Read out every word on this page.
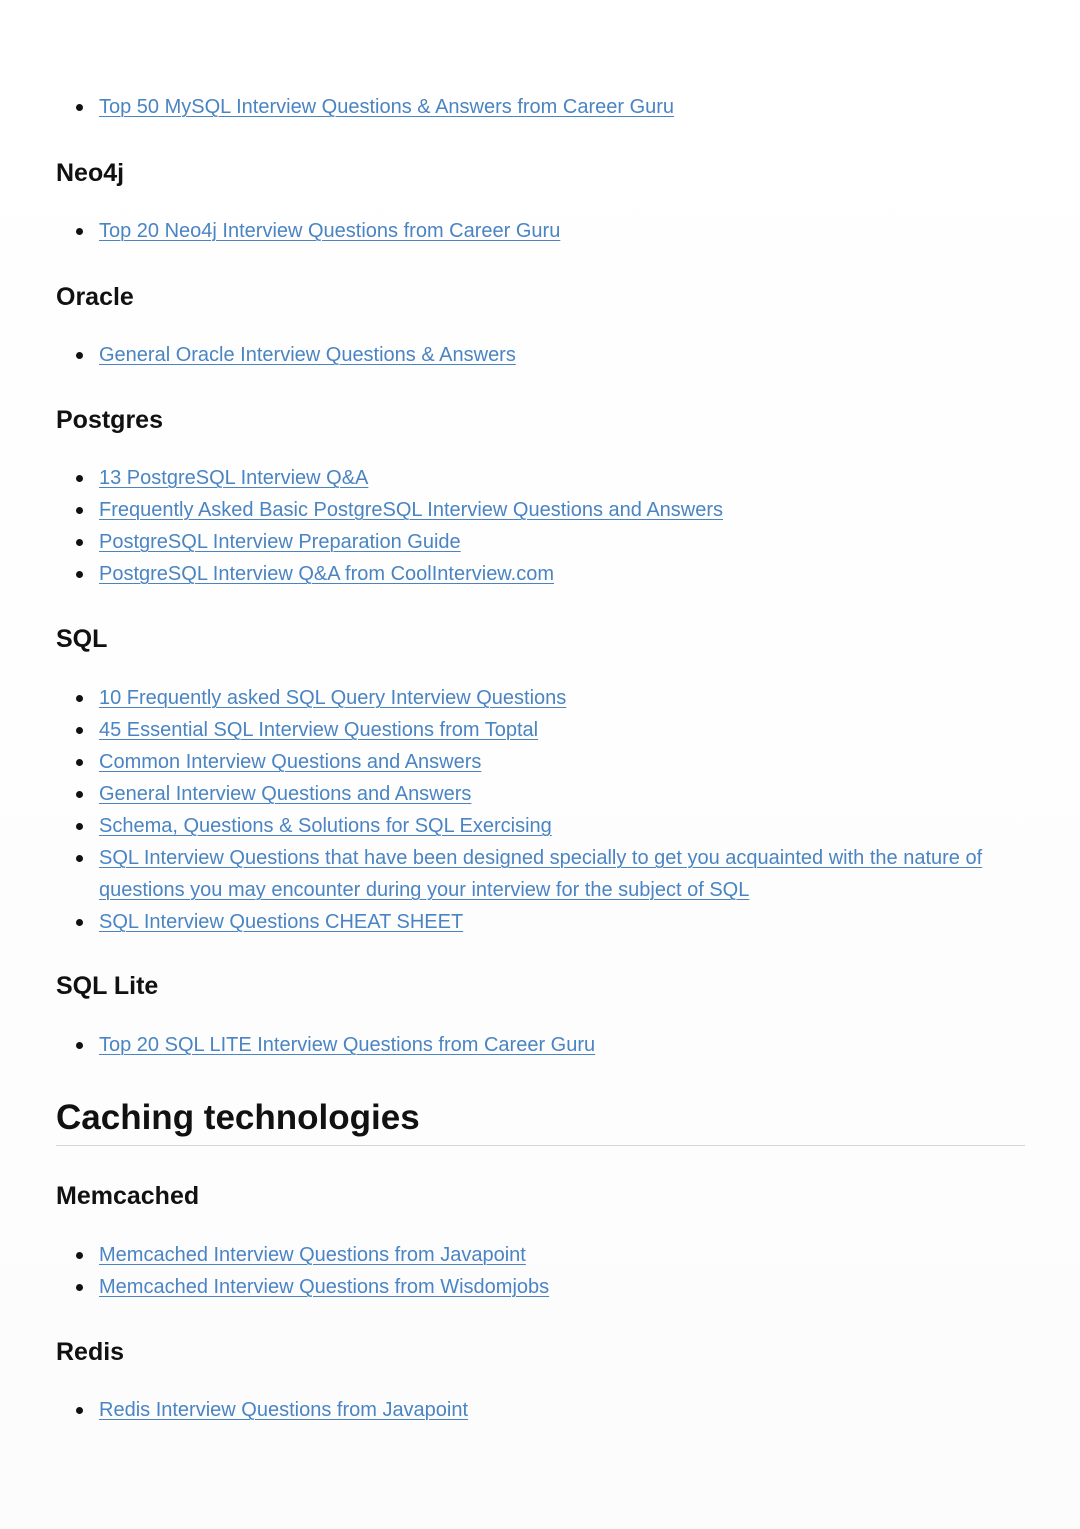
Top 50 MySQL Interview Questions & Answers from Career Guru
Neo4j
Top 20 Neo4j Interview Questions from Career Guru
Oracle
General Oracle Interview Questions & Answers
Postgres
13 PostgreSQL Interview Q&A
Frequently Asked Basic PostgreSQL Interview Questions and Answers
PostgreSQL Interview Preparation Guide
PostgreSQL Interview Q&A from CoolInterview.com
SQL
10 Frequently asked SQL Query Interview Questions
45 Essential SQL Interview Questions from Toptal
Common Interview Questions and Answers
General Interview Questions and Answers
Schema, Questions & Solutions for SQL Exercising
SQL Interview Questions that have been designed specially to get you acquainted with the nature of
questions you may encounter during your interview for the subject of SQL
SQL Interview Questions CHEAT SHEET
SQL Lite
Top 20 SQL LITE Interview Questions from Career Guru
Caching technologies
Memcached
Memcached Interview Questions from Javapoint
Memcached Interview Questions from Wisdomjobs
Redis
Redis Interview Questions from Javapoint
